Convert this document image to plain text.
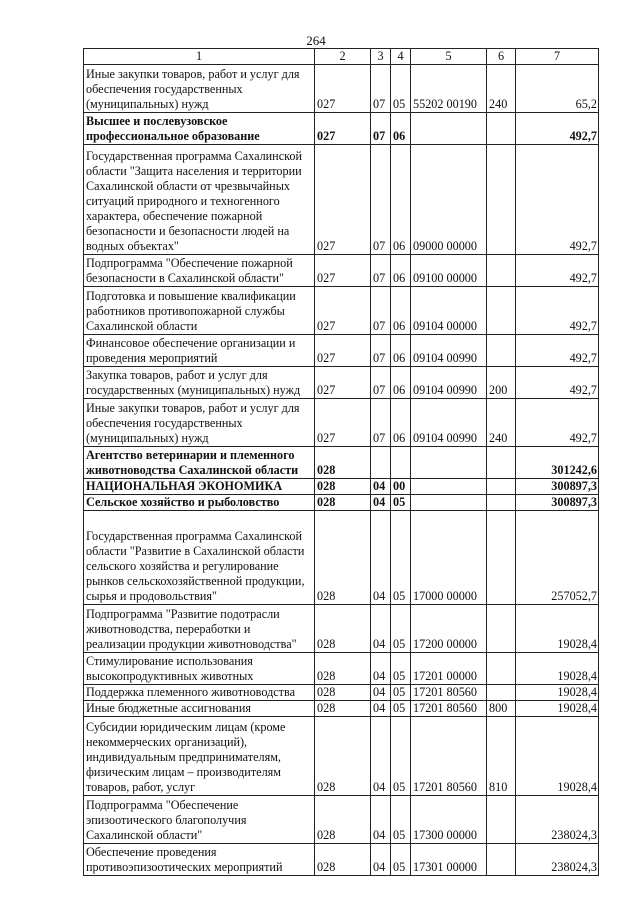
264
1	2	3	4	5	6	7
Иные закупки товаров, работ и услуг для обеспечения государственных (муниципальных) нужд	027	07	05	55202 00190	240	65,2
Высшее и послевузовское профессиональное образование	027	07	06			492,7
Государственная программа Сахалинской области "Защита населения и территории Сахалинской области от чрезвычайных ситуаций природного и техногенного характера, обеспечение пожарной безопасности и безопасности людей на водных объектах"	027	07	06	09000 00000		492,7
Подпрограмма "Обеспечение пожарной безопасности в Сахалинской области"	027	07	06	09100 00000		492,7
Подготовка и повышение квалификации работников противопожарной службы Сахалинской области	027	07	06	09104 00000		492,7
Финансовое обеспечение организации и проведения мероприятий	027	07	06	09104 00990		492,7
Закупка товаров, работ и услуг для государственных (муниципальных) нужд	027	07	06	09104 00990	200	492,7
Иные закупки товаров, работ и услуг для обеспечения государственных (муниципальных) нужд	027	07	06	09104 00990	240	492,7
Агентство ветеринарии и племенного животноводства Сахалинской области	028					301242,6
НАЦИОНАЛЬНАЯ ЭКОНОМИКА	028	04	00			300897,3
Сельское хозяйство и рыболовство	028	04	05			300897,3
Государственная программа Сахалинской области "Развитие в Сахалинской области сельского хозяйства и регулирование рынков сельскохозяйственной продукции, сырья и продовольствия"	028	04	05	17000 00000		257052,7
Подпрограмма "Развитие подотрасли животноводства, переработки и реализации продукции животноводства"	028	04	05	17200 00000		19028,4
Стимулирование использования высокопродуктивных животных	028	04	05	17201 00000		19028,4
Поддержка племенного животноводства	028	04	05	17201 80560		19028,4
Иные бюджетные ассигнования	028	04	05	17201 80560	800	19028,4
Субсидии юридическим лицам (кроме некоммерческих организаций), индивидуальным предпринимателям, физическим лицам – производителям товаров, работ, услуг	028	04	05	17201 80560	810	19028,4
Подпрограмма "Обеспечение эпизоотического благополучия Сахалинской области"	028	04	05	17300 00000		238024,3
Обеспечение проведения противоэпизоотических мероприятий	028	04	05	17301 00000		238024,3
